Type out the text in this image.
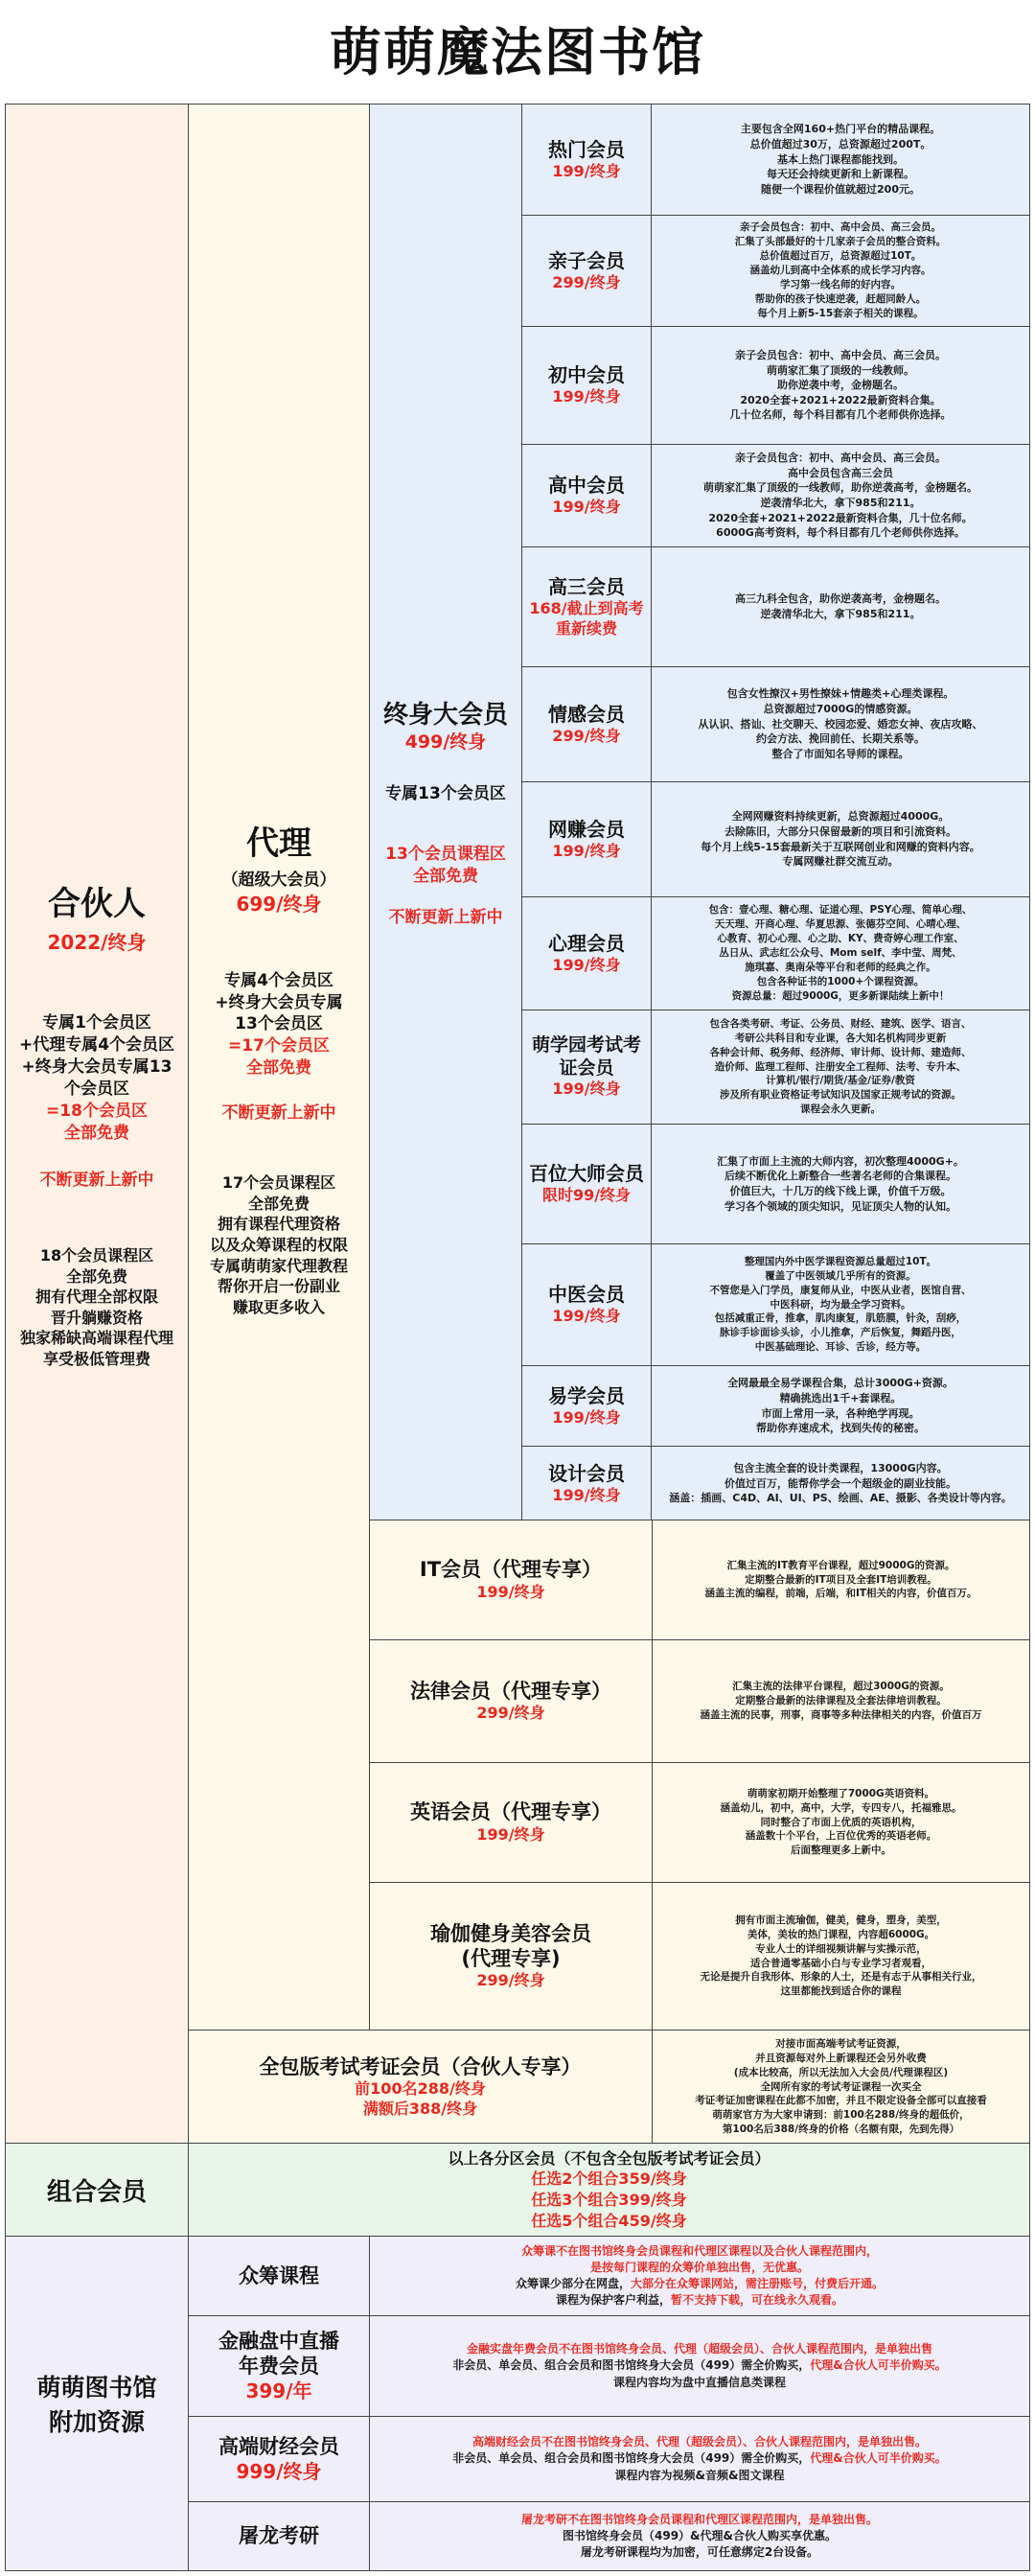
萌萌魔法图书馆
合伙人
2022/终身
专属1个会员区
+代理专属4个会员区
+终身大会员专属13
个会员区
=18个会员区
全部免费
不断更新上新中
18个会员课程区
全部免费
拥有代理全部权限
晋升躺赚资格
独家稀缺高端课程代理
享受极低管理费
代理
（超级大会员）
699/终身
专属4个会员区
+终身大会员专属
13个会员区
=17个会员区
全部免费
不断更新上新中
17个会员课程区
全部免费
拥有课程代理资格
以及众筹课程的权限
专属萌萌家代理教程
帮你开启一份副业
赚取更多收入
终身大会员
499/终身
专属13个会员区
13个会员课程区
全部免费
不断更新上新中
热门会员
199/终身

主要包含全网160+热门平台的精品课程。

总价值超过30万，总资源超过200T。

基本上热门课程都能找到。

每天还会持续更新和上新课程。

随便一个课程价值就超过200元。

亲子会员
299/终身

亲子会员包含：初中、高中会员、高三会员。

汇集了头部最好的十几家亲子会员的整合资料。

总价值超过百万，总资源超过10T。

涵盖幼儿到高中全体系的成长学习内容。

学习第一线名师的好内容。

帮助你的孩子快速逆袭，赶超同龄人。

每个月上新5-15套亲子相关的课程。

初中会员
199/终身

亲子会员包含：初中、高中会员、高三会员。

萌萌家汇集了顶级的一线教师。

助你逆袭中考，金榜题名。

2020全套+2021+2022最新资料合集。

几十位名师，每个科目都有几个老师供你选择。

高中会员
199/终身

亲子会员包含：初中、高中会员、高三会员。

高中会员包含高三会员

萌萌家汇集了顶级的一线教师，助你逆袭高考，金榜题名。

逆袭清华北大，拿下985和211。

2020全套+2021+2022最新资料合集，几十位名师。

6000G高考资料，每个科目都有几个老师供你选择。

高三会员
168/截止到高考
重新续费

高三九科全包含，助你逆袭高考，金榜题名。

逆袭清华北大，拿下985和211。

情感会员
299/终身

包含女性撩汉+男性撩妹+情趣类+心理类课程。

总资源超过7000G的情感资源。

从认识、搭讪、社交聊天、校园恋爱、婚恋女神、夜店攻略、

约会方法、挽回前任、长期关系等。

整合了市面知名导师的课程。

网赚会员
199/终身

全网网赚资料持续更新，总资源超过4000G。

去除陈旧，大部分只保留最新的项目和引流资料。

每个月上线5-15套最新关于互联网创业和网赚的资料内容。

专属网赚社群交流互动。

心理会员
199/终身

包含：壹心理、糖心理、证道心理、PSY心理、简单心理、

天天理、开商心理、华夏思源、张德芬空间、心晴心理、

心教育、初心心理、心之助、KY、费奇婷心理工作室、

丛日从、武志红公众号、Mom self、李中莹、周梵、

施琪嘉、奥南朵等平台和老师的经典之作。

包含各种证书的1000+个课程资源。

资源总量：超过9000G，更多新课陆续上新中！

萌学园考试考证会员
199/终身

包含各类考研、考证、公务员、财经、建筑、医学、语言、

考研公共科目和专业课，各大知名机构同步更新

各种会计师、税务师、经济师、审计师、设计师、建造师、

造价师、监理工程师、注册安全工程师、法考、专升本、

计算机/银行/期货/基金/证券/教资

涉及所有职业资格证考试知识及国家正规考试的资源。

课程会永久更新。

百位大师会员
限时99/终身

汇集了市面上主流的大师内容，初次整理4000G+。

后续不断优化上新整合一些著名老师的合集课程。

价值巨大，十几万的线下线上课，价值千万级。

学习各个领域的顶尖知识，见证顶尖人物的认知。

中医会员
199/终身

整理国内外中医学课程资源总量超过10T。

覆盖了中医领域几乎所有的资源。

不管您是入门学员，康复师从业，中医从业者，医馆自营、

中医科研，均为最全学习资料。

包括减重正骨，推拿，肌肉康复，肌筋膜，针灸，刮痧，

脉诊手诊面诊头诊，小儿推拿，产后恢复，舞蹈丹医，

中医基础理论、耳诊、舌诊，经方等。

易学会员
199/终身

全网最最全易学课程合集，总计3000G+资源。

精确挑选出1千+套课程。

市面上常用一录，各种绝学再现。

帮助你弃速成术，找到失传的秘密。

设计会员
199/终身

包含主流全套的设计类课程，13000G内容。

价值过百万，能帮你学会一个超级金的副业技能。

涵盖：插画、C4D、AI、UI、PS、绘画、AE、摄影、各类设计等内容。

IT会员（代理专享）
199/终身

汇集主流的IT教育平台课程，超过9000G的资源。

定期整合最新的IT项目及全套IT培训教程。

涵盖主流的编程，前端，后端，和IT相关的内容，价值百万。

法律会员（代理专享）
299/终身

汇集主流的法律平台课程，超过3000G的资源。

定期整合最新的法律课程及全套法律培训教程。

涵盖主流的民事，刑事，商事等多种法律相关的内容，价值百万

英语会员（代理专享）
199/终身

萌萌家初期开始整理了7000G英语资料。

涵盖幼儿，初中，高中，大学，专四专八，托福雅思。

同时整合了市面上优质的英语机构，

涵盖数十个平台，上百位优秀的英语老师。

后面整理更多上新中。

瑜伽健身美容会员
(代理专享)
299/终身

拥有市面主流瑜伽，健美，健身，塑身，美型，

美体，美妆的热门课程，内容超6000G。

专业人士的详细视频讲解与实操示范，

适合普通零基础小白与专业学习者观看，

无论是提升自我形体、形象的人士，还是有志于从事相关行业，

这里都能找到适合你的课程

全包版考试考证会员（合伙人专享）
前100名288/终身
满额后388/终身

对接市面高端考试考证资源，

并且资源每对外上新课程还会另外收费

(成本比较高，所以无法加入大会员/代理课程区)

全网所有家的考试考证课程一次买全

考证考证加密课程在此都不加密，并且不限定设备全部可以直接看

萌萌家官方为大家申请到：前100名288/终身的超低价，

第100名后388/终身的价格（名额有限，先到先得）

组合会员
以上各分区会员（不包含全包版考试考证会员）
任选2个组合359/终身
任选3个组合399/终身
任选5个组合459/终身
萌萌图书馆
附加资源
众筹课程

众筹课不在图书馆终身会员课程和代理区课程以及合伙人课程范围内，

是按每门课程的众筹价单独出售，无优惠。

众筹课少部分在网盘，大部分在众筹课网站，需注册账号，付费后开通。

课程为保护客户利益，暂不支持下载，可在线永久观看。

金融盘中直播
年费会员
399/年

金融实盘年费会员不在图书馆终身会员、代理（超级会员）、合伙人课程范围内，是单独出售

非会员、单会员、组合会员和图书馆终身大会员（499）需全价购买，代理&合伙人可半价购买。

课程内容均为盘中直播信息类课程

高端财经会员
999/终身

高端财经会员不在图书馆终身会员、代理（超级会员）、合伙人课程范围内，是单独出售。

非会员、单会员、组合会员和图书馆终身大会员（499）需全价购买，代理&合伙人可半价购买。

课程内容为视频&音频&图文课程

屠龙考研

屠龙考研不在图书馆终身会员课程和代理区课程范围内，是单独出售。

图书馆终身会员（499）&代理&合伙人购买享优惠。

屠龙考研课程均为加密，可任意绑定2台设备。
